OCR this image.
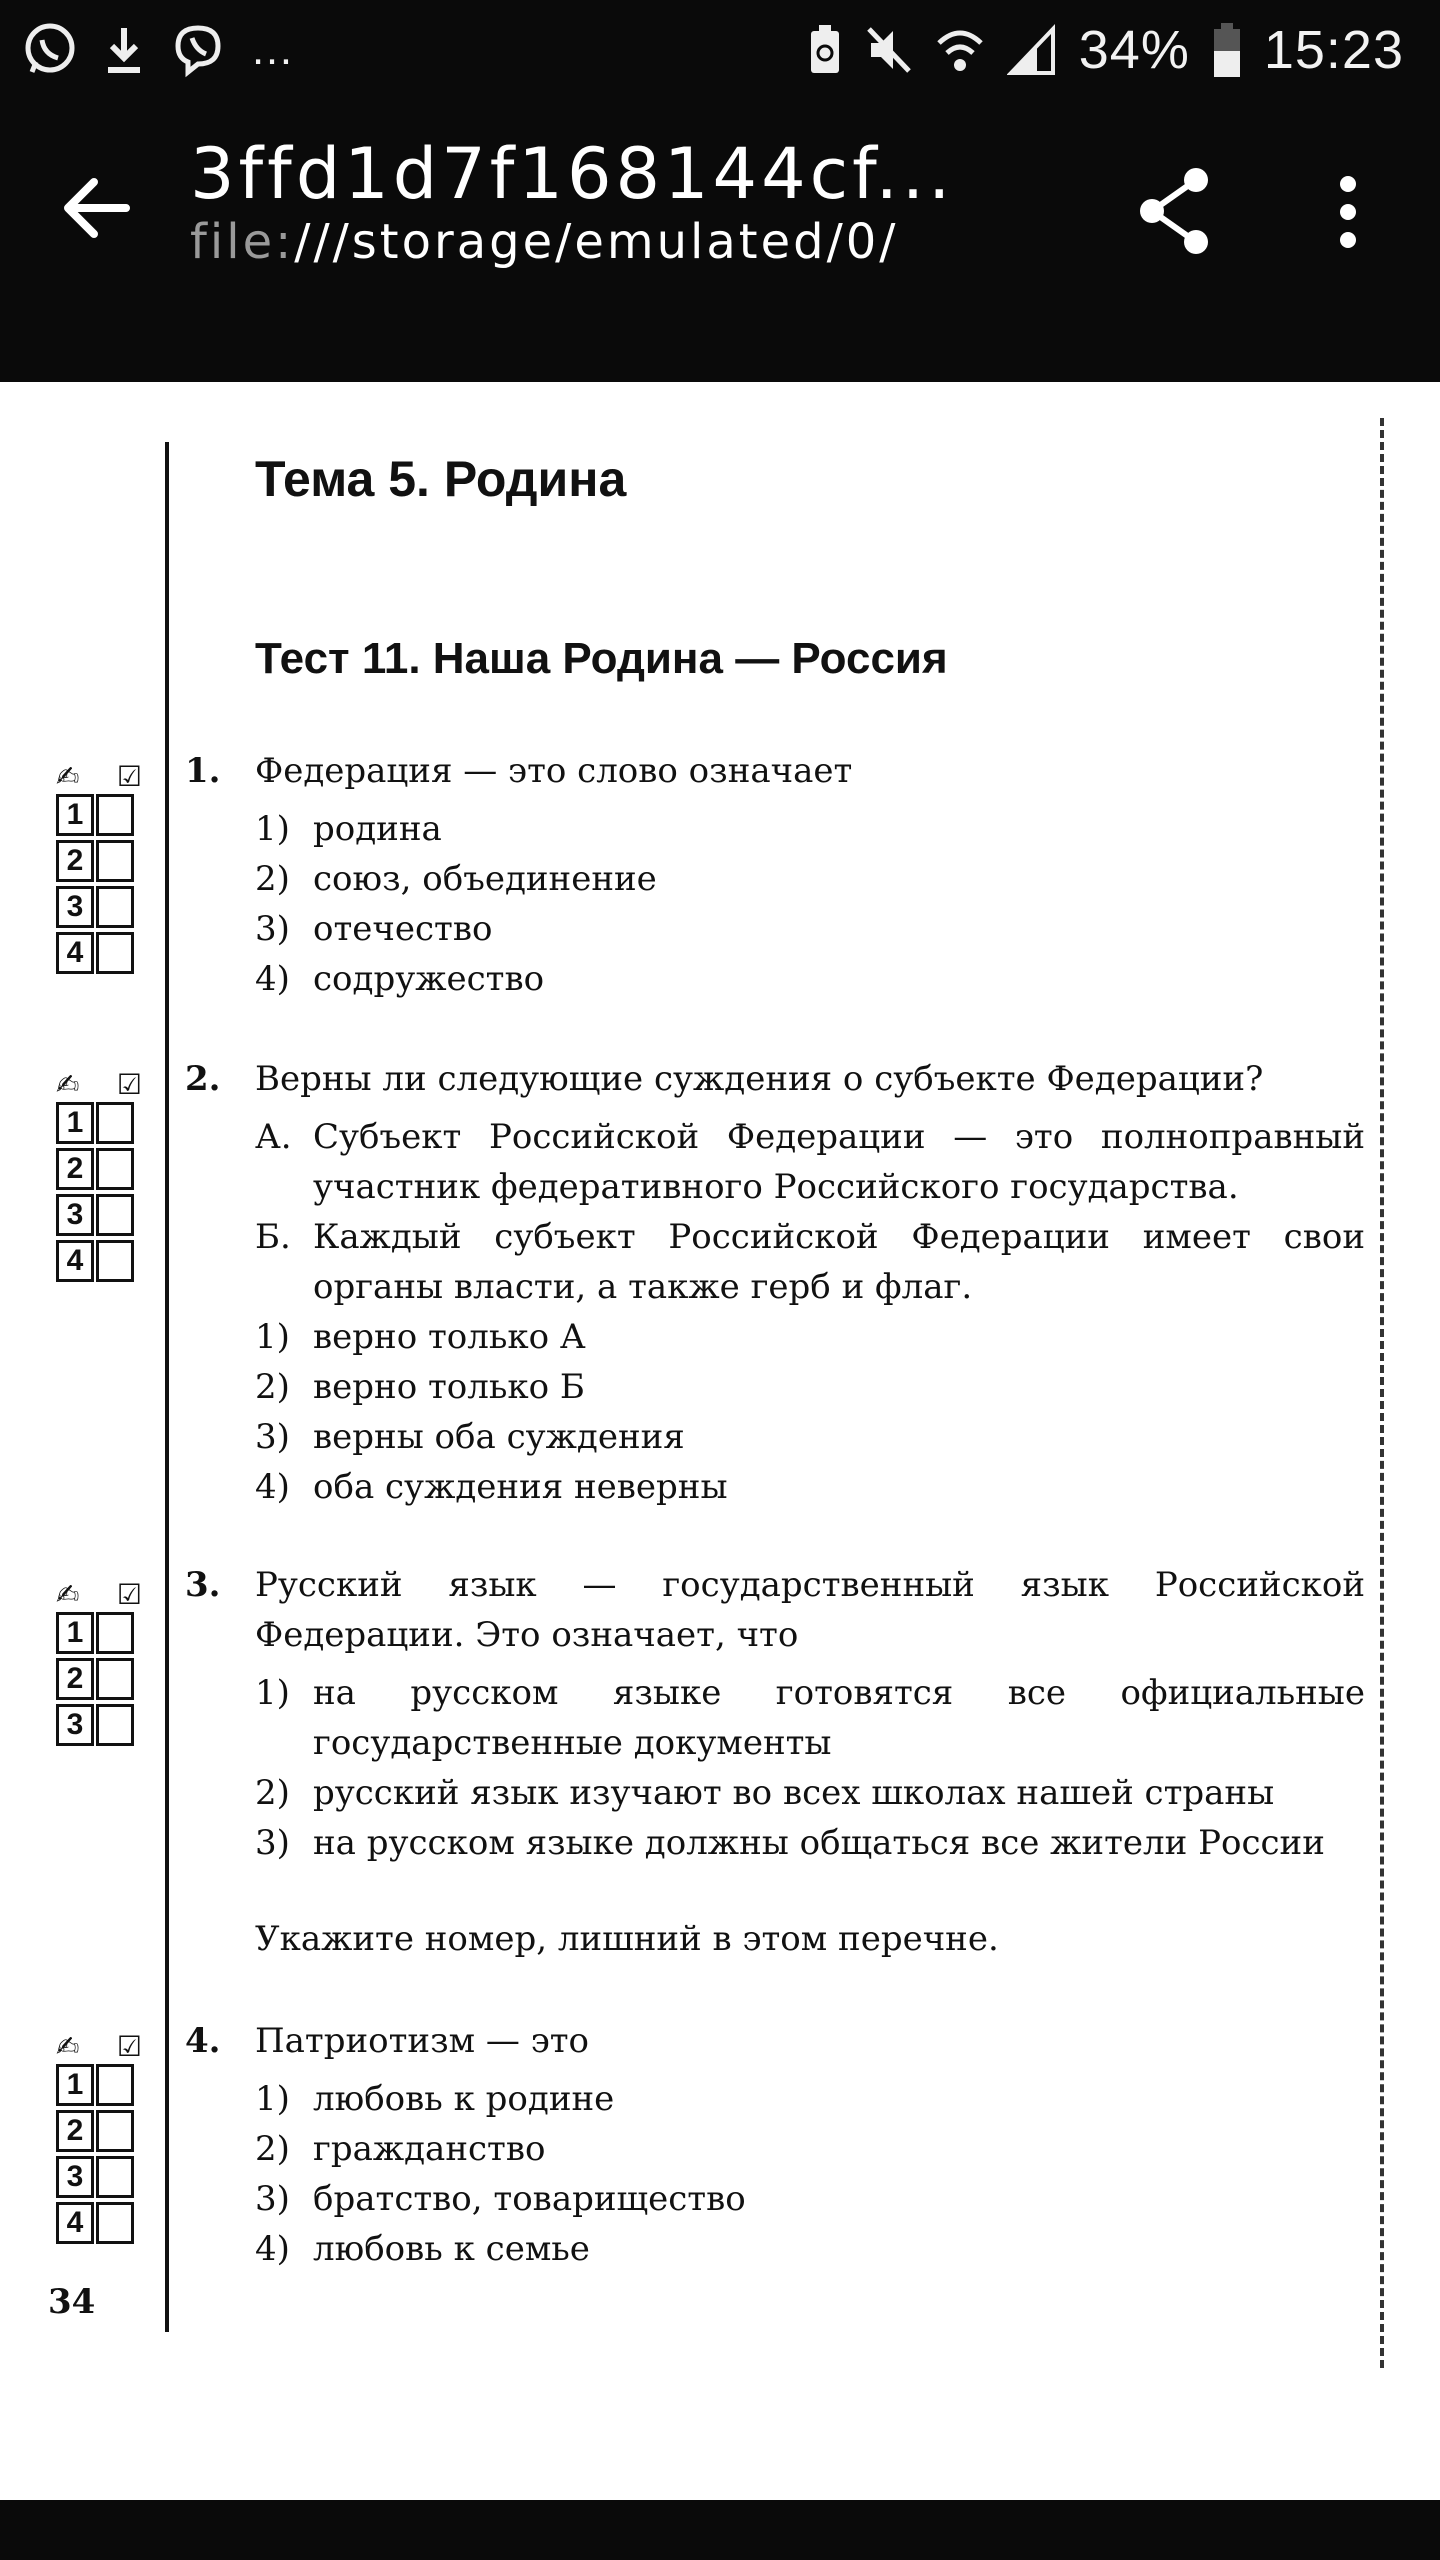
…	34% 15:23
3ffd1d7f168144cf...
file:///storage/emulated/0/
Тема 5. Родина
Тест 11. Наша Родина — Россия
✍ ☑
1
2
3
4
✍ ☑
1
2
3
4
✍ ☑
1
2
3
✍ ☑
1
2
3
4
1.	Федерация — это слово означает
1) родина
2) союз, объединение
3) отечество
4) содружество
2.	Верны ли следующие суждения о субъекте Федерации?
А. Субъект Российской Федерации — это полноправный участник федеративного Российского государства.
Б. Каждый субъект Российской Федерации имеет свои органы власти, а также герб и флаг.
1) верно только А
2) верно только Б
3) верны оба суждения
4) оба суждения неверны
3.	Русский язык — государственный язык Российской Федерации. Это означает, что
1) на русском языке готовятся все официальные государственные документы
2) русский язык изучают во всех школах нашей страны
3) на русском языке должны общаться все жители России
Укажите номер, лишний в этом перечне.
4.	Патриотизм — это
1) любовь к родине
2) гражданство
3) братство, товарищество
4) любовь к семье
34
